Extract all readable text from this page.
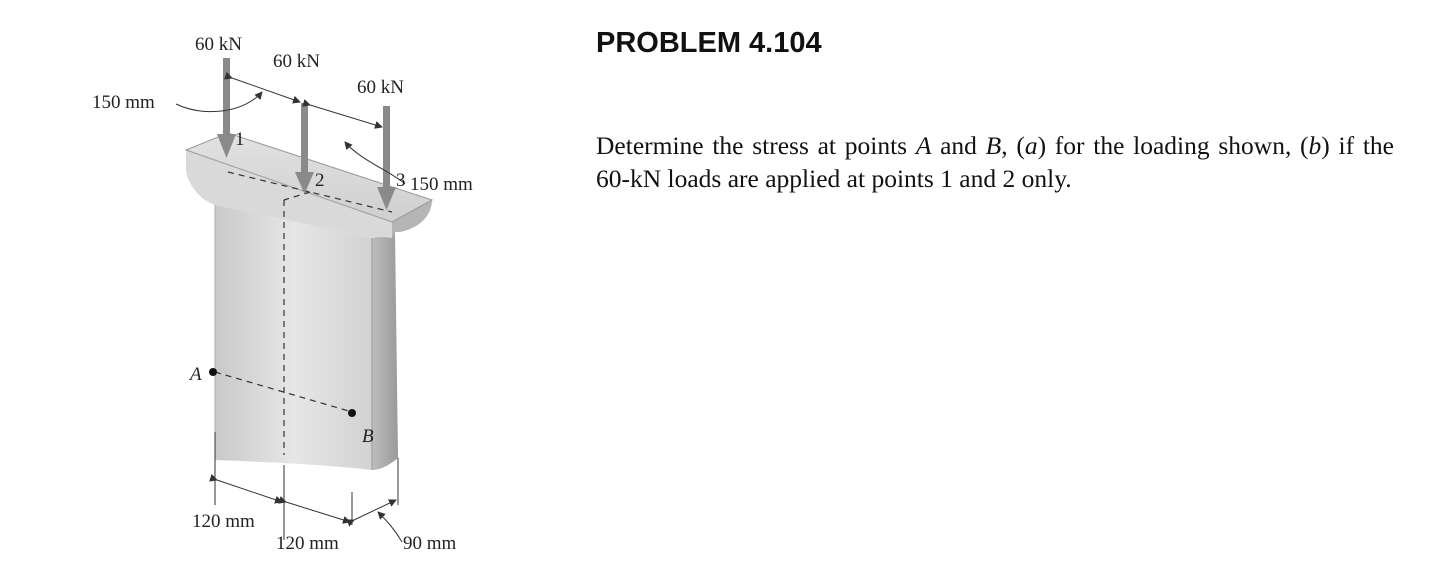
60 kN
60 kN
60 kN
150 mm
150 mm
1
2	3
A
B
120 mm
120 mm	90 mm
PROBLEM 4.104

Determine the stress at points A and B, (a) for the loading shown, (b) if the 60-kN loads are applied at points 1 and 2 only.
